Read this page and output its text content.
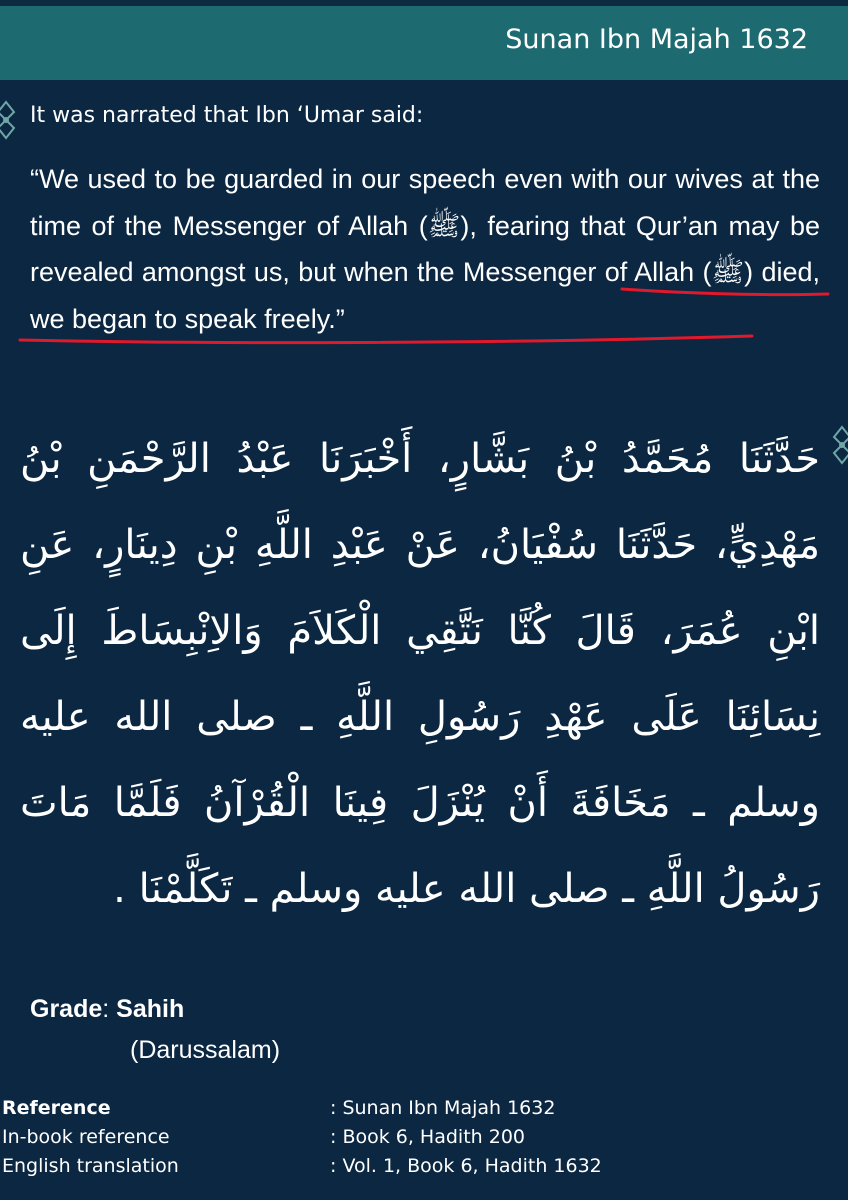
Sunan Ibn Majah 1632
It was narrated that Ibn ‘Umar said:
“We used to be guarded in our speech even with our wives at the time of the Messenger of Allah (ﷺ), fearing that Qur’an may be revealed amongst us, but when the Messenger of Allah (ﷺ) died, we began to speak freely.”
حَدَّثَنَا مُحَمَّدُ بْنُ بَشَّارٍ، أَخْبَرَنَا عَبْدُ الرَّحْمَنِ بْنُ مَهْدِيٍّ، حَدَّثَنَا سُفْيَانُ، عَنْ عَبْدِ اللَّهِ بْنِ دِينَارٍ، عَنِ ابْنِ عُمَرَ، قَالَ كُنَّا نَتَّقِي الْكَلاَمَ وَالاِنْبِسَاطَ إِلَى نِسَائِنَا عَلَى عَهْدِ رَسُولِ اللَّهِ ـ صلى الله عليه وسلم ـ مَخَافَةَ أَنْ يُنْزَلَ فِينَا الْقُرْآنُ فَلَمَّا مَاتَ رَسُولُ اللَّهِ ـ صلى الله عليه وسلم ـ تَكَلَّمْنَا .
Grade: Sahih
(Darussalam)
Reference	: Sunan Ibn Majah 1632
In-book reference	: Book 6, Hadith 200
English translation	: Vol. 1, Book 6, Hadith 1632
